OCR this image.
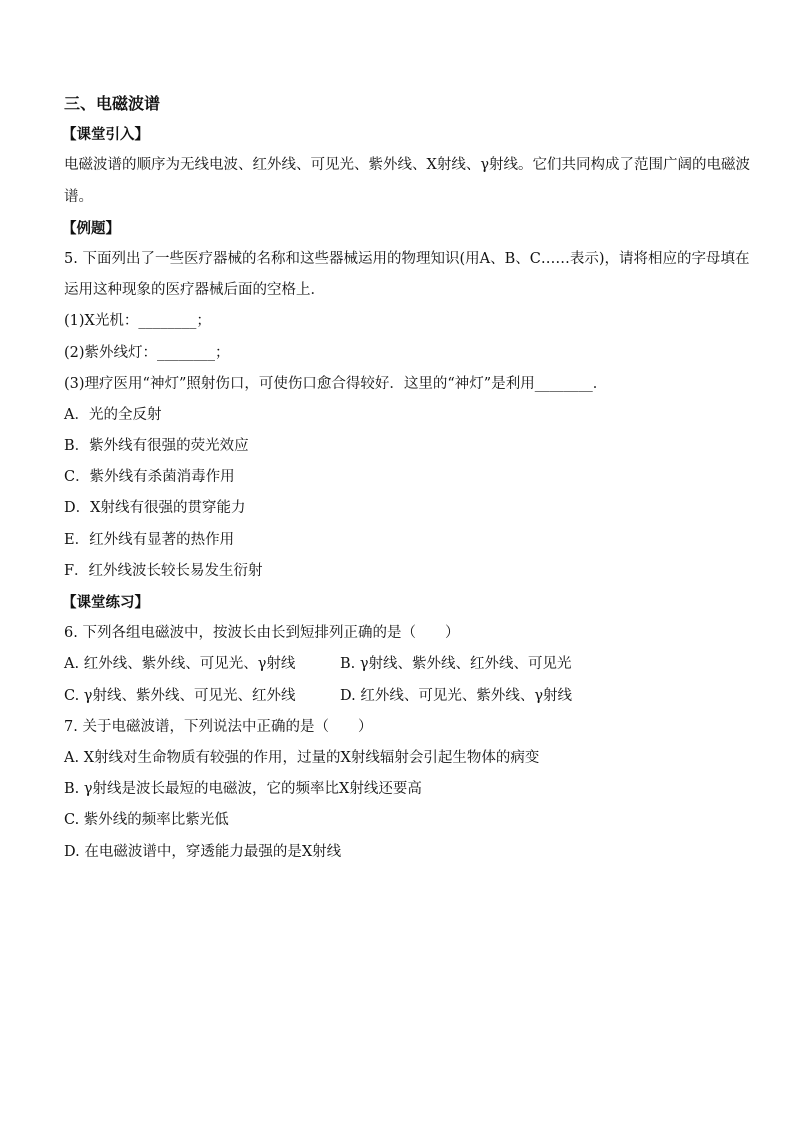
三、电磁波谱
【课堂引入】
电磁波谱的顺序为无线电波、红外线、可见光、紫外线、X射线、γ射线。它们共同构成了范围广阔的电磁波
谱。
【例题】
5. 下面列出了一些医疗器械的名称和这些器械运用的物理知识(用A、B、C……表示)，请将相应的字母填在
运用这种现象的医疗器械后面的空格上．
(1)X光机：________；
(2)紫外线灯：________；
(3)理疗医用“神灯”照射伤口，可使伤口愈合得较好．这里的“神灯”是利用________．
A．光的全反射
B．紫外线有很强的荧光效应
C．紫外线有杀菌消毒作用
D．X射线有很强的贯穿能力
E．红外线有显著的热作用
F．红外线波长较长易发生衍射
【课堂练习】
6. 下列各组电磁波中，按波长由长到短排列正确的是（　　）
A. 红外线、紫外线、可见光、γ射线	B. γ射线、紫外线、红外线、可见光
C. γ射线、紫外线、可见光、红外线	D. 红外线、可见光、紫外线、γ射线
7. 关于电磁波谱，下列说法中正确的是（　　）
A. X射线对生命物质有较强的作用，过量的X射线辐射会引起生物体的病变
B. γ射线是波长最短的电磁波，它的频率比X射线还要高
C. 紫外线的频率比紫光低
D. 在电磁波谱中，穿透能力最强的是X射线
